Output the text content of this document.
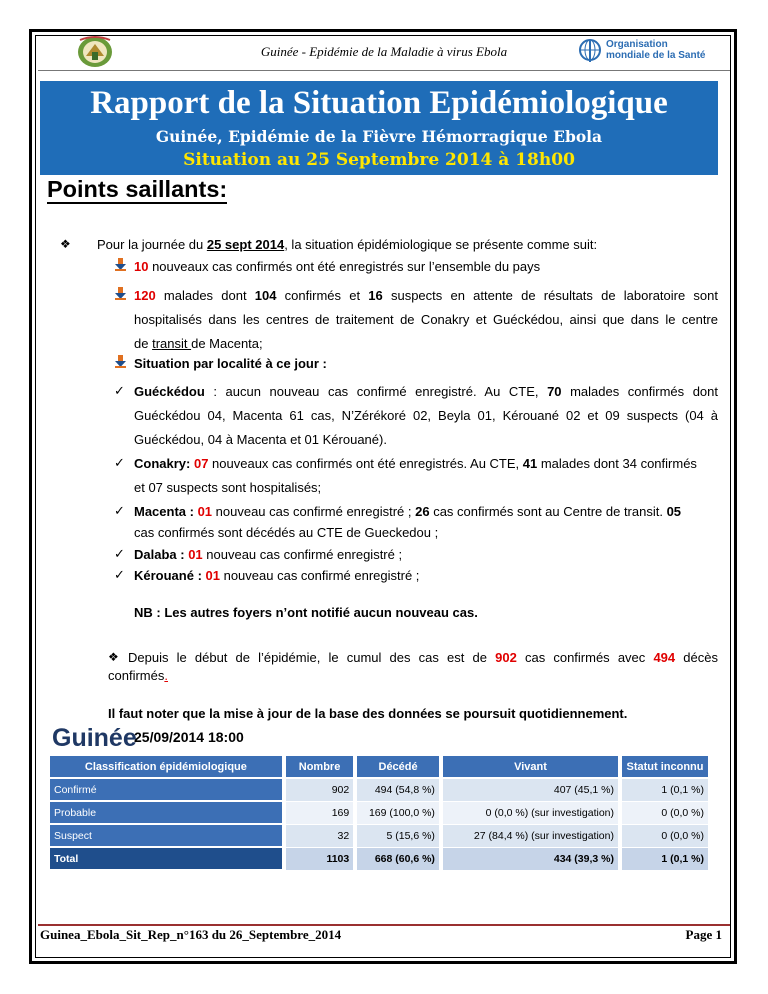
Guinée - Epidémie de la Maladie à virus Ebola	Organisation
mondiale de la Santé
Rapport de la Situation Epidémiologique
Guinée, Epidémie de la Fièvre Hémorragique Ebola
Situation au 25 Septembre 2014 à 18h00
Points saillants:
❖ Pour la journée du 25 sept 2014, la situation épidémiologique se présente comme suit:
10 nouveaux cas confirmés ont été enregistrés sur l’ensemble du pays
120 malades dont 104 confirmés et 16 suspects en attente de résultats de laboratoire sont
hospitalisés dans les centres de traitement de Conakry et Guéckédou, ainsi que dans le centre
de transit de Macenta;
Situation par localité à ce jour :
✓ Guéckédou : aucun nouveau cas confirmé enregistré. Au CTE, 70 malades confirmés dont
Guéckédou 04, Macenta 61 cas, N’Zérékoré 02, Beyla 01, Kérouané 02 et 09 suspects (04 à
Guéckédou, 04 à Macenta et 01 Kérouané).
✓ Conakry: 07 nouveaux cas confirmés ont été enregistrés. Au CTE, 41 malades dont 34 confirmés
et 07 suspects sont hospitalisés;
✓ Macenta : 01 nouveau cas confirmé enregistré ; 26 cas confirmés sont au Centre de transit. 05
cas confirmés sont décédés au CTE de Gueckedou ;
✓ Dalaba : 01 nouveau cas confirmé enregistré ;
✓ Kérouané : 01 nouveau cas confirmé enregistré ;
NB : Les autres foyers n’ont notifié aucun nouveau cas.
❖ Depuis le début de l’épidémie, le cumul des cas est de 902 cas confirmés avec 494 décès
confirmés.
Il faut noter que la mise à jour de la base des données se poursuit quotidiennement.
Guinée
25/09/2014 18:00
Classification épidémiologique	Nombre	Décédé	Vivant	Statut inconnu
Confirmé	902	494 (54,8 %)	407 (45,1 %)	1 (0,1 %)
Probable	169	169 (100,0 %)	0 (0,0 %) (sur investigation)	0 (0,0 %)
Suspect	32	5 (15,6 %)	27 (84,4 %) (sur investigation)	0 (0,0 %)
Total	1103	668 (60,6 %)	434 (39,3 %)	1 (0,1 %)
Guinea_Ebola_Sit_Rep_n°163 du 26_Septembre_2014	Page 1
